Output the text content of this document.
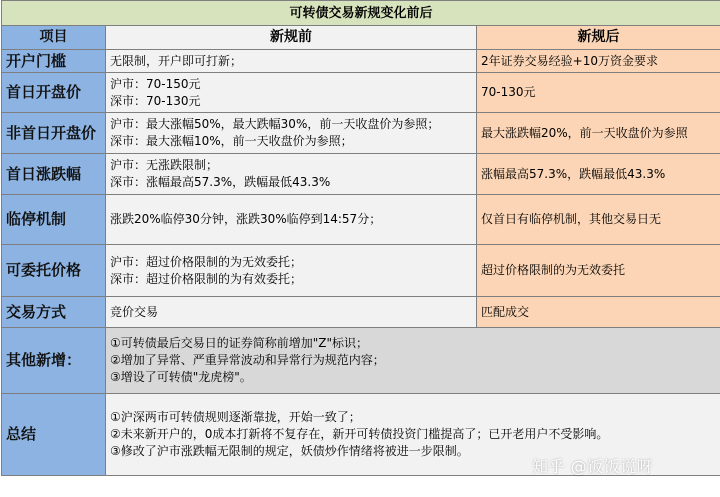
可转债交易新规变化前后		
项目	新规前	新规后
开户门槛	无限制，开户即可打新；	2年证券交易经验+10万资金要求

首日开盘价	沪市：70-150元
深市：70-130元	70-130元

非首日开盘价	沪市：最大涨幅50%，最大跌幅30%，前一天收盘价为参照；
深市：最大涨幅10%，前一天收盘价为参照；	最大涨跌幅20%，前一天收盘价为参照

首日涨跌幅	沪市：无涨跌限制；
深市：涨幅最高57.3%，跌幅最低43.3%	涨幅最高57.3%，跌幅最低43.3%

临停机制	涨跌20%临停30分钟，涨跌30%临停到14:57分；	仅首日有临停机制，其他交易日无

可委托价格	沪市：超过价格限制的为无效委托；
深市：超过价格限制的为有效委托；	超过价格限制的为无效委托

交易方式	竞价交易	匹配成交

其他新增：	①可转债最后交易日的证券简称前增加"Z"标识；
②增加了异常、严重异常波动和异常行为规范内容；
③增设了可转债"龙虎榜"。	

总结	①沪深两市可转债规则逐渐靠拢，开始一致了；
②未来新开户的，0成本打新将不复存在，新开可转债投资门槛提高了；已开老用户不受影响。
③修改了沪市涨跌幅无限制的规定，妖债炒作情绪将被进一步限制。	
知乎 @饭饭说呀
